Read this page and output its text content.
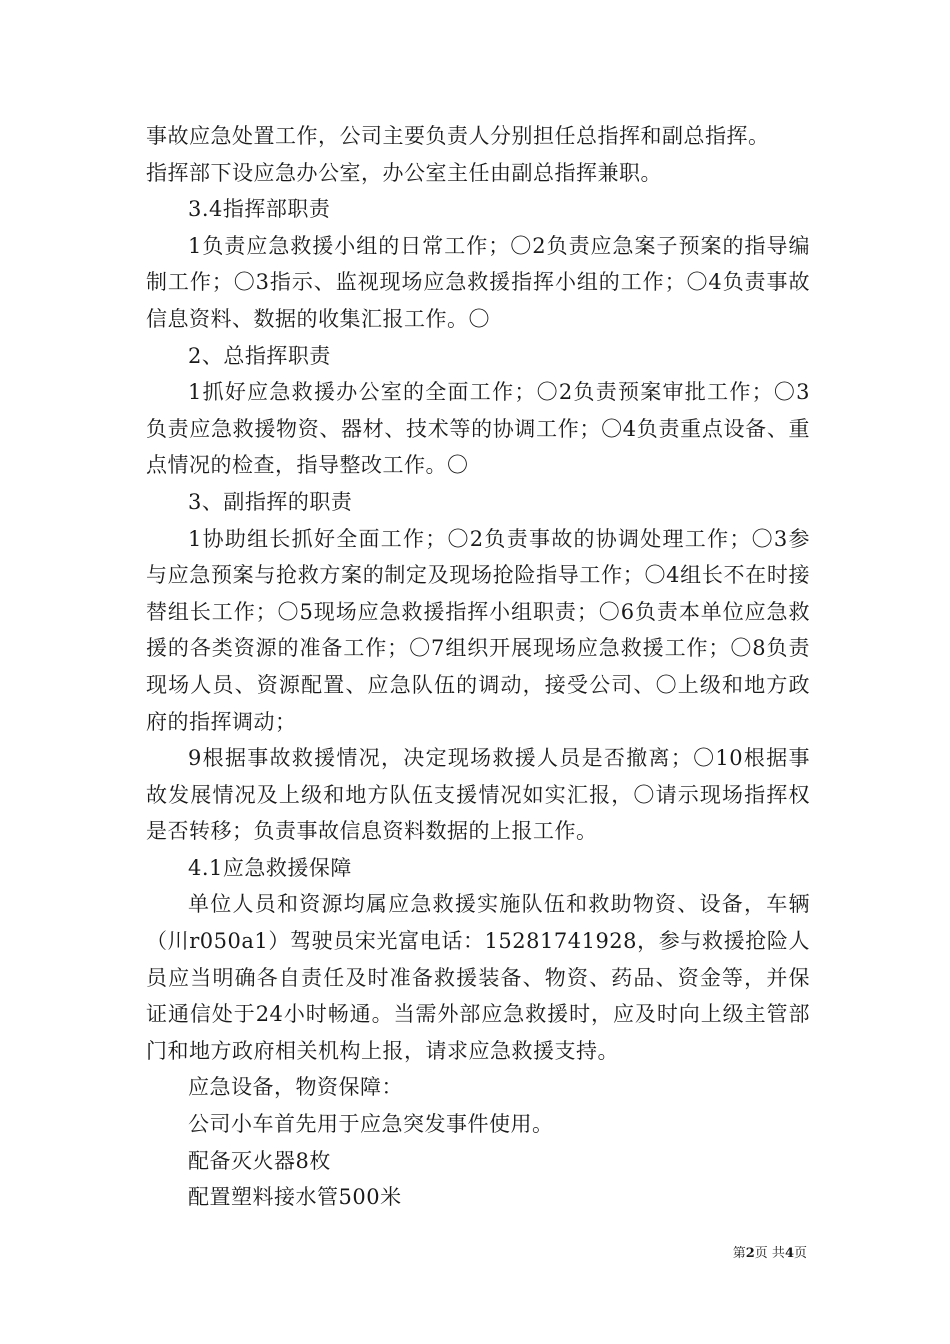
事故应急处置工作，公司主要负责人分别担任总指挥和副总指挥。

指挥部下设应急办公室，办公室主任由副总指挥兼职。

3.4指挥部职责

1负责应急救援小组的日常工作；〇2负责应急案子预案的指导编制工作；〇3指示、监视现场应急救援指挥小组的工作；〇4负责事故信息资料、数据的收集汇报工作。〇

2、总指挥职责

1抓好应急救援办公室的全面工作；〇2负责预案审批工作；〇3负责应急救援物资、器材、技术等的协调工作；〇4负责重点设备、重点情况的检查，指导整改工作。〇

3、副指挥的职责

1协助组长抓好全面工作；〇2负责事故的协调处理工作；〇3参与应急预案与抢救方案的制定及现场抢险指导工作；〇4组长不在时接替组长工作；〇5现场应急救援指挥小组职责；〇6负责本单位应急救援的各类资源的准备工作；〇7组织开展现场应急救援工作；〇8负责现场人员、资源配置、应急队伍的调动，接受公司、〇上级和地方政府的指挥调动；

9根据事故救援情况，决定现场救援人员是否撤离；〇10根据事故发展情况及上级和地方队伍支援情况如实汇报，〇请示现场指挥权是否转移；负责事故信息资料数据的上报工作。

4.1应急救援保障

单位人员和资源均属应急救援实施队伍和救助物资、设备，车辆（川r050a1）驾驶员宋光富电话：15281741928，参与救援抢险人员应当明确各自责任及时准备救援装备、物资、药品、资金等，并保证通信处于24小时畅通。当需外部应急救援时，应及时向上级主管部门和地方政府相关机构上报，请求应急救援支持。

应急设备，物资保障：

公司小车首先用于应急突发事件使用。

配备灭火器8枚

配置塑料接水管500米

第2页 共4页
